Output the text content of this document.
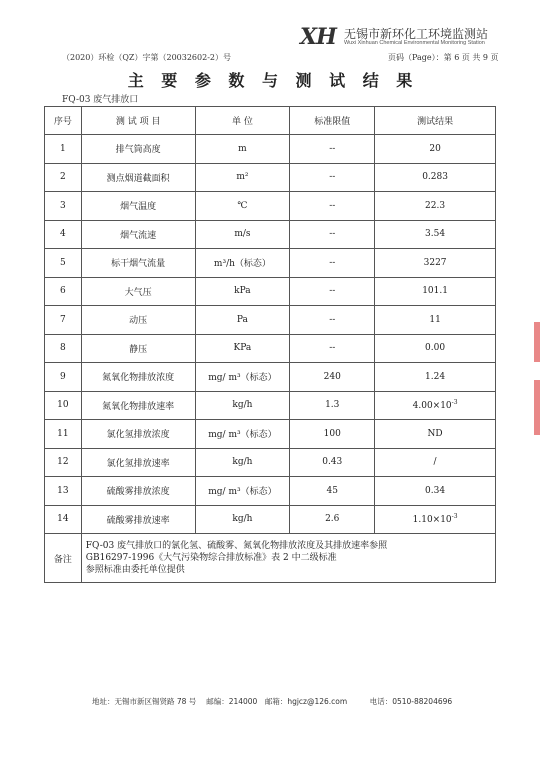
XH 无锡市新环化工环境监测站
Wuxi Xinhuan Chemical Environmental Monitoring Station
（2020）环检（QZ）字第（20032602-2）号	页码（Page）：第 6 页 共 9 页
主 要 参 数 与 测 试 结 果
FQ-03 废气排放口
序号	测 试 项 目	单 位	标准限值	测试结果
1	排气筒高度	m	--	20
2	测点烟道截面积	m²	--	0.283
3	烟气温度	℃	--	22.3
4	烟气流速	m/s	--	3.54
5	标干烟气流量	m³/h（标态）	--	3227
6	大气压	kPa	--	101.1
7	动压	Pa	--	11
8	静压	KPa	--	0.00
9	氮氧化物排放浓度	mg/ m³（标态）	240	1.24
10	氮氧化物排放速率	kg/h	1.3	$4.00\times 10^{-3}$
11	氯化氢排放浓度	mg/ m³（标态）	100	ND
12	氯化氢排放速率	kg/h	0.43	/
13	硫酸雾排放浓度	mg/ m³（标态）	45	0.34
14	硫酸雾排放速率	kg/h	2.6	$1.10\times 10^{-3}$
备注	FQ-03 废气排放口的氯化氢、硫酸雾、氮氧化物排放浓度及其排放速率参照
GB16297-1996《大气污染物综合排放标准》表 2 中二级标准
参照标准由委托单位提供			
地址：无锡市新区锡贤路 78 号　 邮编：214000　邮箱：hgjcz@126.com　　　电话：0510-88204696
